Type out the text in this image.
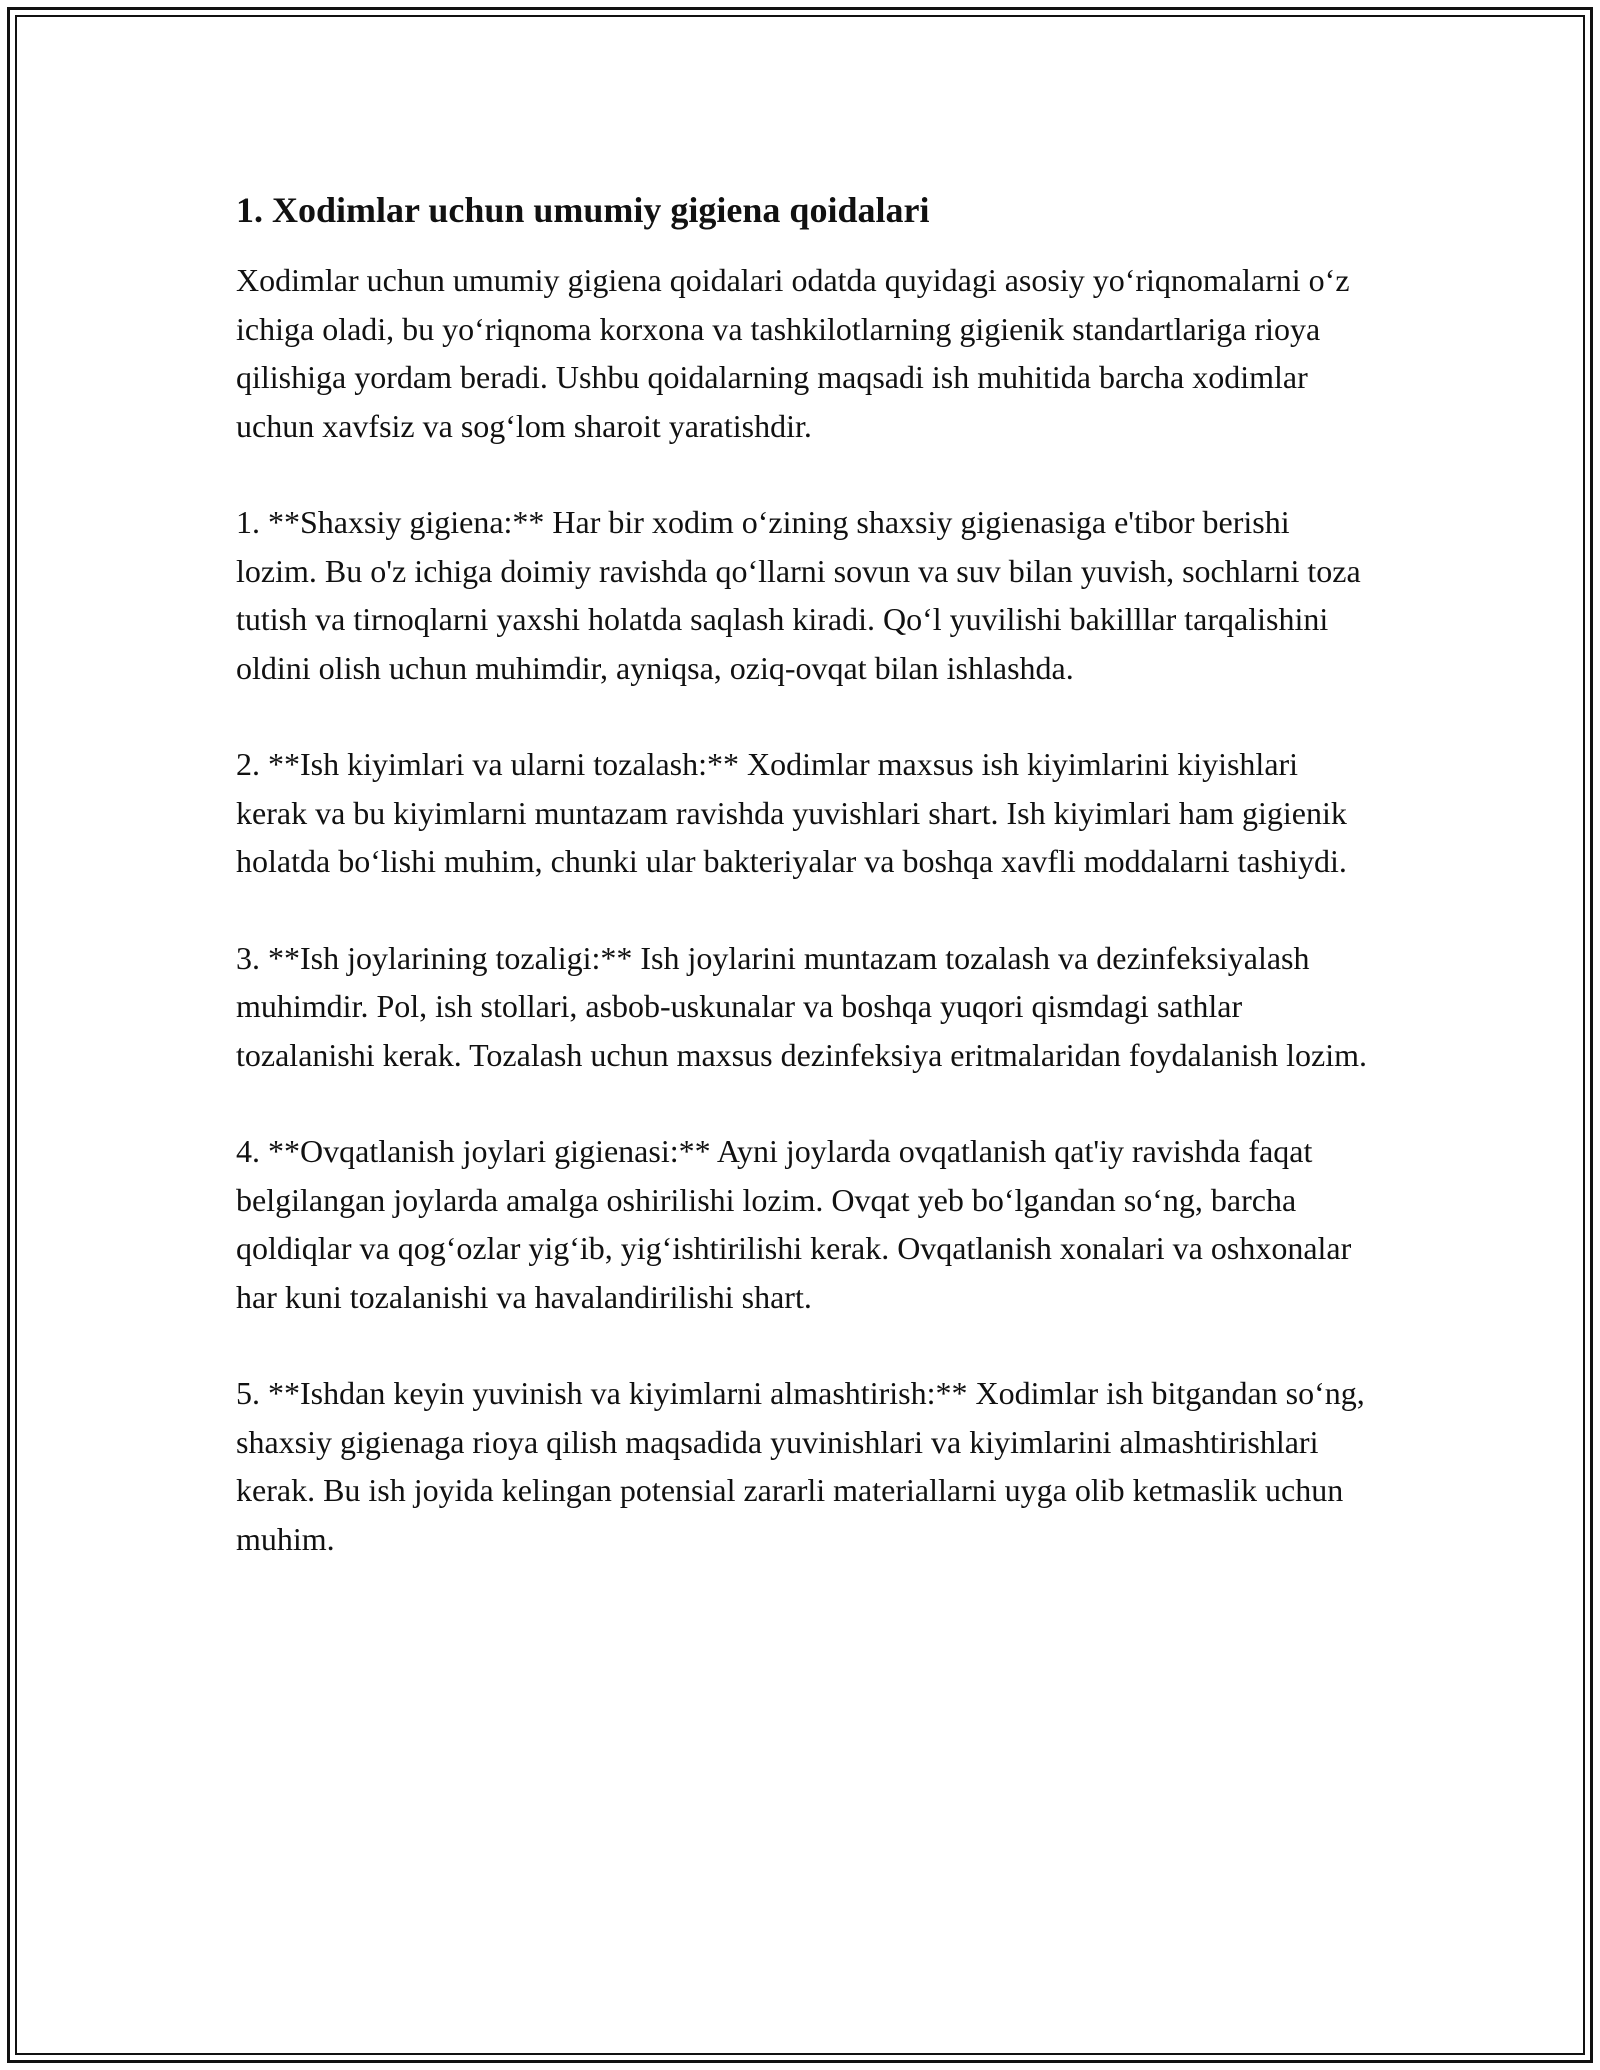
1. Xodimlar uchun umumiy gigiena qoidalari

Xodimlar uchun umumiy gigiena qoidalari odatda quyidagi asosiy yo‘riqnomalarni o‘z ichiga oladi, bu yo‘riqnoma korxona va tashkilotlarning gigienik standartlariga rioya qilishiga yordam beradi. Ushbu qoidalarning maqsadi ish muhitida barcha xodimlar uchun xavfsiz va sog‘lom sharoit yaratishdir.

1. **Shaxsiy gigiena:** Har bir xodim o‘zining shaxsiy gigienasiga e'tibor berishi lozim. Bu o'z ichiga doimiy ravishda qo‘llarni sovun va suv bilan yuvish, sochlarni toza tutish va tirnoqlarni yaxshi holatda saqlash kiradi. Qo‘l yuvilishi bakilllar tarqalishini oldini olish uchun muhimdir, ayniqsa, oziq-ovqat bilan ishlashda.

2. **Ish kiyimlari va ularni tozalash:** Xodimlar maxsus ish kiyimlarini kiyishlari kerak va bu kiyimlarni muntazam ravishda yuvishlari shart. Ish kiyimlari ham gigienik holatda bo‘lishi muhim, chunki ular bakteriyalar va boshqa xavfli moddalarni tashiydi.

3. **Ish joylarining tozaligi:** Ish joylarini muntazam tozalash va dezinfeksiyalash muhimdir. Pol, ish stollari, asbob-uskunalar va boshqa yuqori qismdagi sathlar tozalanishi kerak. Tozalash uchun maxsus dezinfeksiya eritmalaridan foydalanish lozim.

4. **Ovqatlanish joylari gigienasi:** Ayni joylarda ovqatlanish qat'iy ravishda faqat belgilangan joylarda amalga oshirilishi lozim. Ovqat yeb bo‘lgandan so‘ng, barcha qoldiqlar va qog‘ozlar yig‘ib, yig‘ishtirilishi kerak. Ovqatlanish xonalari va oshxonalar har kuni tozalanishi va havalandirilishi shart.

5. **Ishdan keyin yuvinish va kiyimlarni almashtirish:** Xodimlar ish bitgandan so‘ng, shaxsiy gigienaga rioya qilish maqsadida yuvinishlari va kiyimlarini almashtirishlari kerak. Bu ish joyida kelingan potensial zararli materiallarni uyga olib ketmaslik uchun muhim.
